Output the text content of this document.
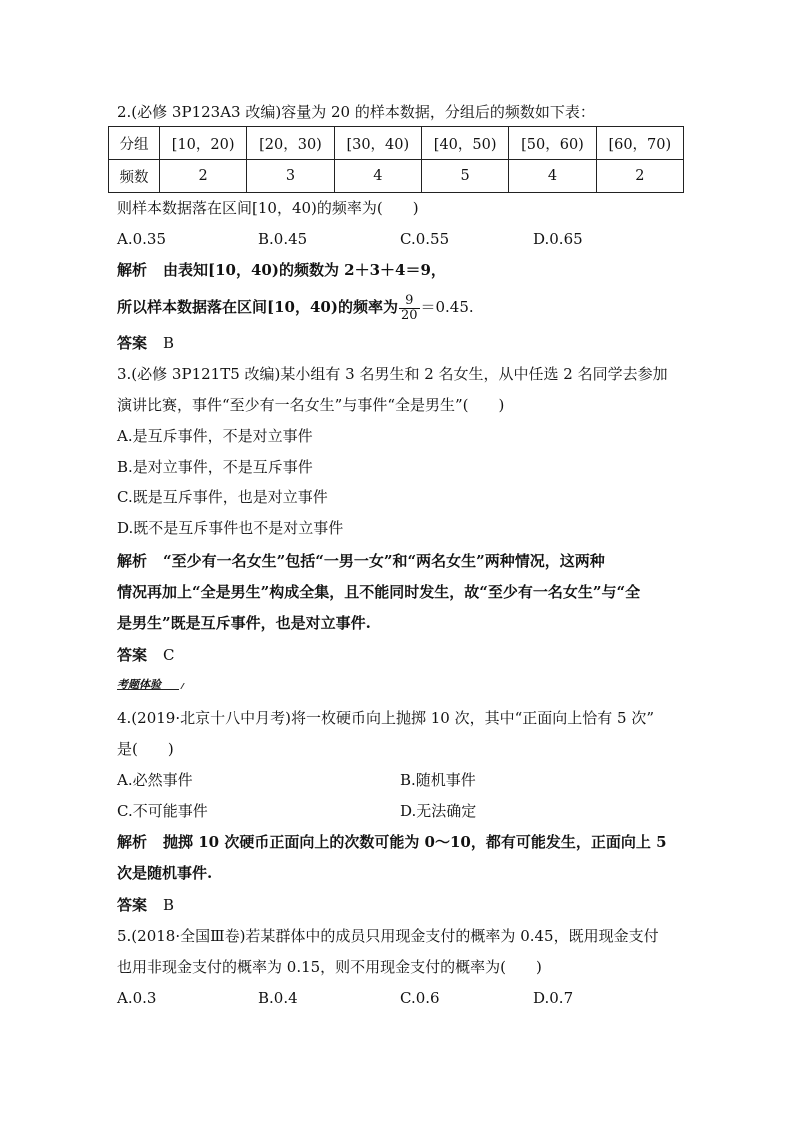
2.(必修 3P123A3 改编)容量为 20 的样本数据，分组后的频数如下表：
分组	[10，20)	[20，30)	[30，40)	[40，50)	[50，60)	[60，70)
频数	2	3	4	5	4	2
则样本数据落在区间[10，40)的频率为(　　)
A.0.35	B.0.45	C.0.55	D.0.65
解析 由表知[10，40)的频数为 2＋3＋4＝9，
所以样本数据落在区间[10，40)的频率为 $\frac{9}{20} =0.45$.
答案 B
3.(必修 3P121T5 改编)某小组有 3 名男生和 2 名女生，从中任选 2 名同学去参加
演讲比赛，事件“至少有一名女生”与事件“全是男生”(　　)
A.是互斥事件，不是对立事件
B.是对立事件，不是互斥事件
C.既是互斥事件，也是对立事件
D.既不是互斥事件也不是对立事件
解析 “至少有一名女生”包括“一男一女”和“两名女生”两种情况，这两种
情况再加上“全是男生”构成全集，且不能同时发生，故“至少有一名女生”与“全
是男生”既是互斥事件，也是对立事件.
答案 C
考题体验
4.(2019·北京十八中月考)将一枚硬币向上抛掷 10 次，其中“正面向上恰有 5 次”
是(　　)
A.必然事件	B.随机事件
C.不可能事件	D.无法确定
解析 抛掷 10 次硬币正面向上的次数可能为 0～10，都有可能发生，正面向上 5
次是随机事件.
答案 B
5.(2018·全国Ⅲ卷)若某群体中的成员只用现金支付的概率为 0.45，既用现金支付
也用非现金支付的概率为 0.15，则不用现金支付的概率为(　　)
A.0.3	B.0.4	C.0.6	D.0.7
